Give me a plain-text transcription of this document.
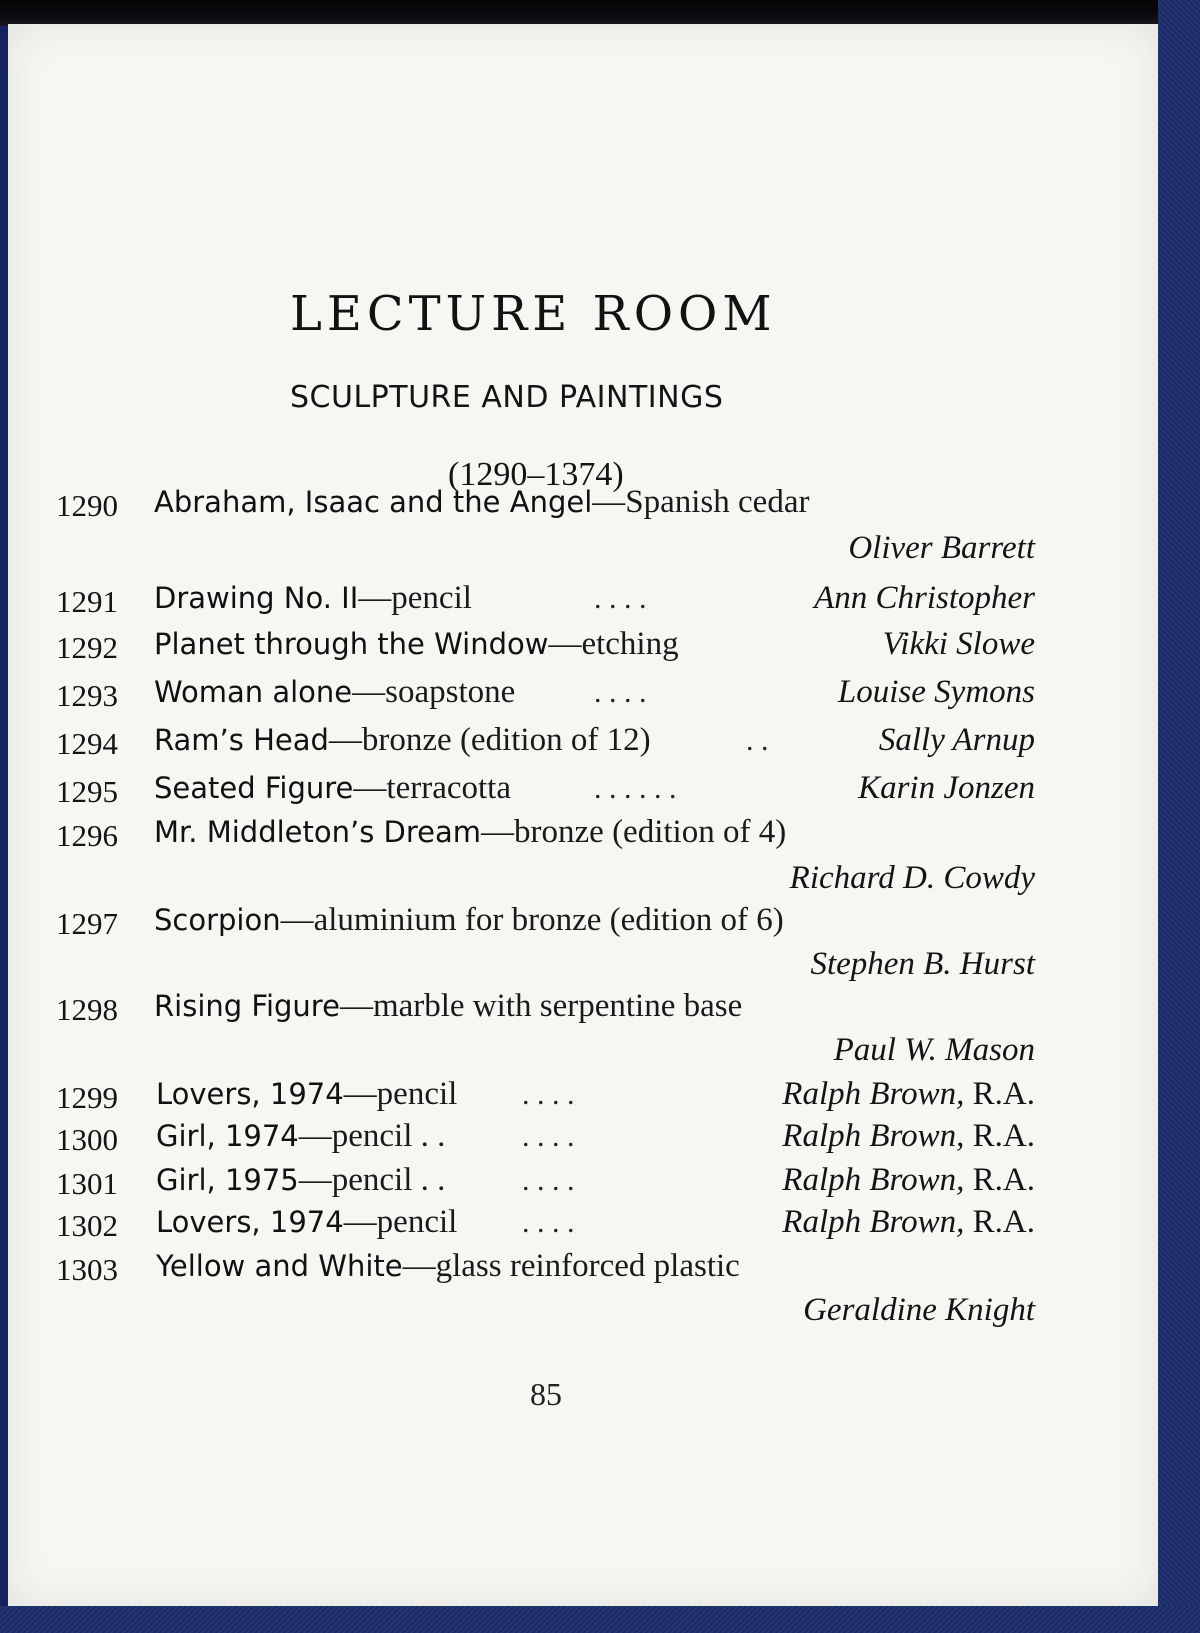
LECTURE ROOM
SCULPTURE AND PAINTINGS
(1290–1374)
1290 Abraham, Isaac and the Angel—Spanish cedar
Oliver Barrett
1291 Drawing No. II—pencil	. . . .	Ann Christopher
1292 Planet through the Window—etching	Vikki Slowe
1293 Woman alone—soapstone	. . . .	Louise Symons
1294 Ram’s Head—bronze (edition of 12)	. .	Sally Arnup
1295 Seated Figure—terracotta	. . . . . .	Karin Jonzen
1296 Mr. Middleton’s Dream—bronze (edition of 4)
Richard D. Cowdy
1297 Scorpion—aluminium for bronze (edition of 6)
Stephen B. Hurst
1298 Rising Figure—marble with serpentine base
Paul W. Mason
1299 Lovers, 1974—pencil . . . .	Ralph Brown, R.A.
1300 Girl, 1974—pencil . .	. . . .	Ralph Brown, R.A.
1301 Girl, 1975—pencil . .	. . . .	Ralph Brown, R.A.
1302 Lovers, 1974—pencil . . . .	Ralph Brown, R.A.
1303 Yellow and White—glass reinforced plastic
Geraldine Knight
85
